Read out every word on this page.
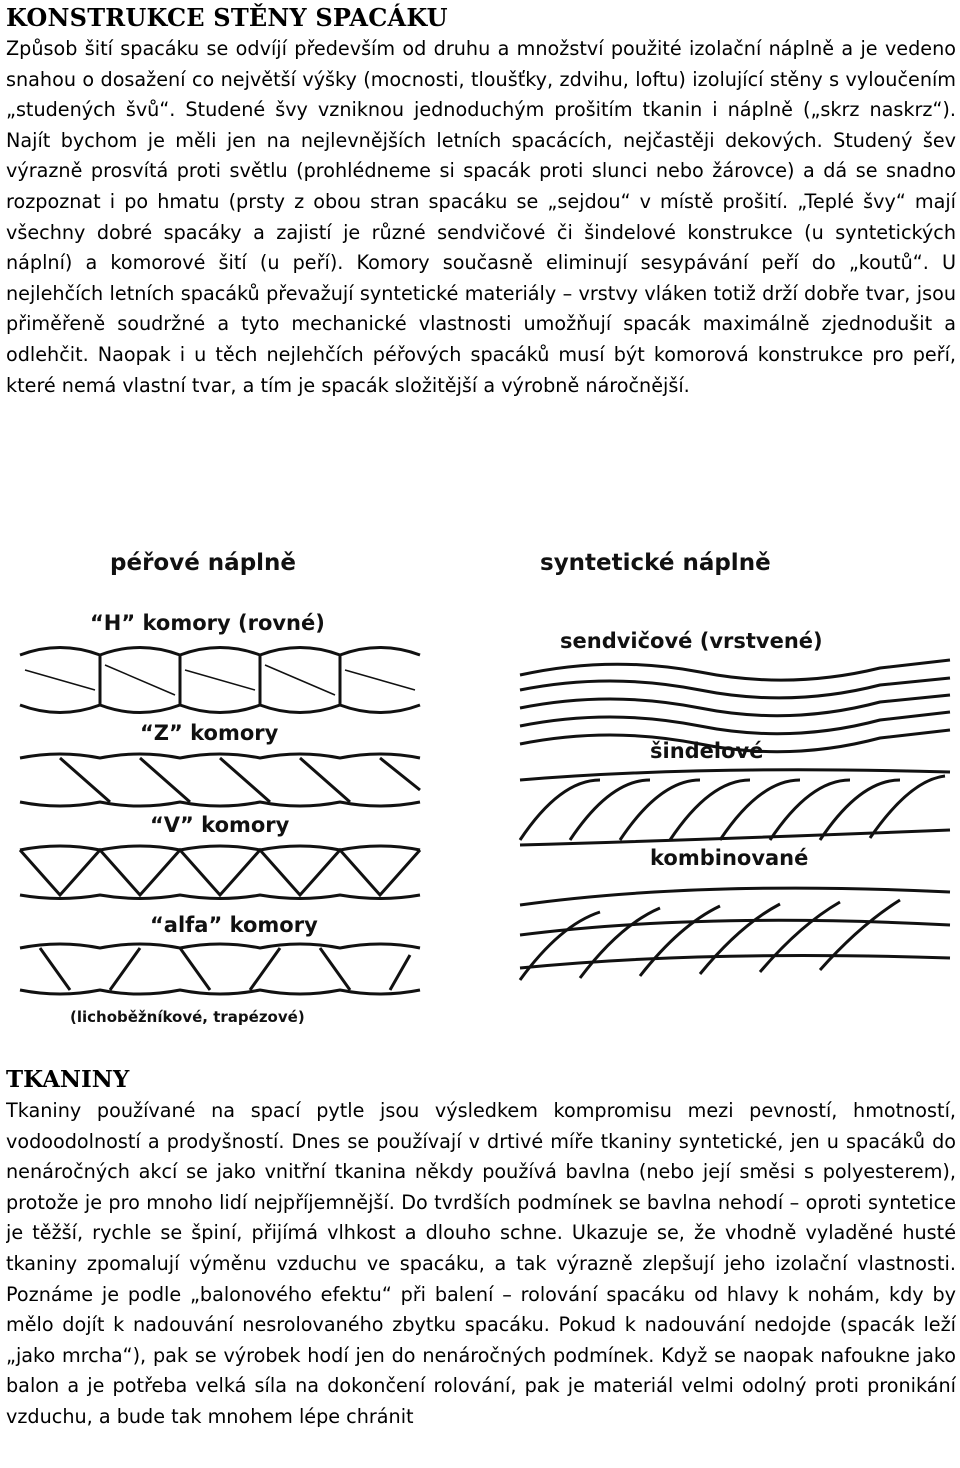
KONSTRUKCE STĚNY SPACÁKU

Způsob šití spacáku se odvíjí především od druhu a množství použité izolační náplně a je vedeno snahou o dosažení co největší výšky (mocnosti, tloušťky, zdvihu, loftu) izolující stěny s vyloučením „studených švů“. Studené švy vzniknou jednoduchým prošitím tkanin i náplně („skrz naskrz“). Najít bychom je měli jen na nejlevnějších letních spacácích, nejčastěji dekových. Studený šev výrazně prosvítá proti světlu (prohlédneme si spacák proti slunci nebo žárovce) a dá se snadno rozpoznat i po hmatu (prsty z obou stran spacáku se „sejdou“ v místě prošití. „Teplé švy“ mají všechny dobré spacáky a zajistí je různé sendvičové či šindelové konstrukce (u syntetických náplní) a komorové šití (u peří). Komory současně eliminují sesypávání peří do „koutů“. U nejlehčích letních spacáků převažují syntetické materiály – vrstvy vláken totiž drží dobře tvar, jsou přiměřeně soudržné a tyto mechanické vlastnosti umožňují spacák maximálně zjednodušit a odlehčit. Naopak i u těch nejlehčích péřových spacáků musí být komorová konstrukce pro peří, které nemá vlastní tvar, a tím je spacák složitější a výrobně náročnější.

péřové náplně	syntetické náplně
“H” komory (rovné)
“Z” komory
“V” komory
“alfa” komory
(lichoběžníkové, trapézové)
sendvičové (vrstvené)
šindelové
kombinované
TKANINY

Tkaniny používané na spací pytle jsou výsledkem kompromisu mezi pevností, hmotností, vodoodolností a prodyšností. Dnes se používají v drtivé míře tkaniny syntetické, jen u spacáků do nenáročných akcí se jako vnitřní tkanina někdy používá bavlna (nebo její směsi s polyesterem), protože je pro mnoho lidí nejpříjemnější. Do tvrdších podmínek se bavlna nehodí – oproti syntetice je těžší, rychle se špiní, přijímá vlhkost a dlouho schne. Ukazuje se, že vhodně vyladěné husté tkaniny zpomalují výměnu vzduchu ve spacáku, a tak výrazně zlepšují jeho izolační vlastnosti. Poznáme je podle „balonového efektu“ při balení – rolování spacáku od hlavy k nohám, kdy by mělo dojít k nadouvání nesrolovaného zbytku spacáku. Pokud k nadouvání nedojde (spacák leží „jako mrcha“), pak se výrobek hodí jen do nenáročných podmínek. Když se naopak nafoukne jako balon a je potřeba velká síla na dokončení rolování, pak je materiál velmi odolný proti pronikání vzduchu, a bude tak mnohem lépe chránit
